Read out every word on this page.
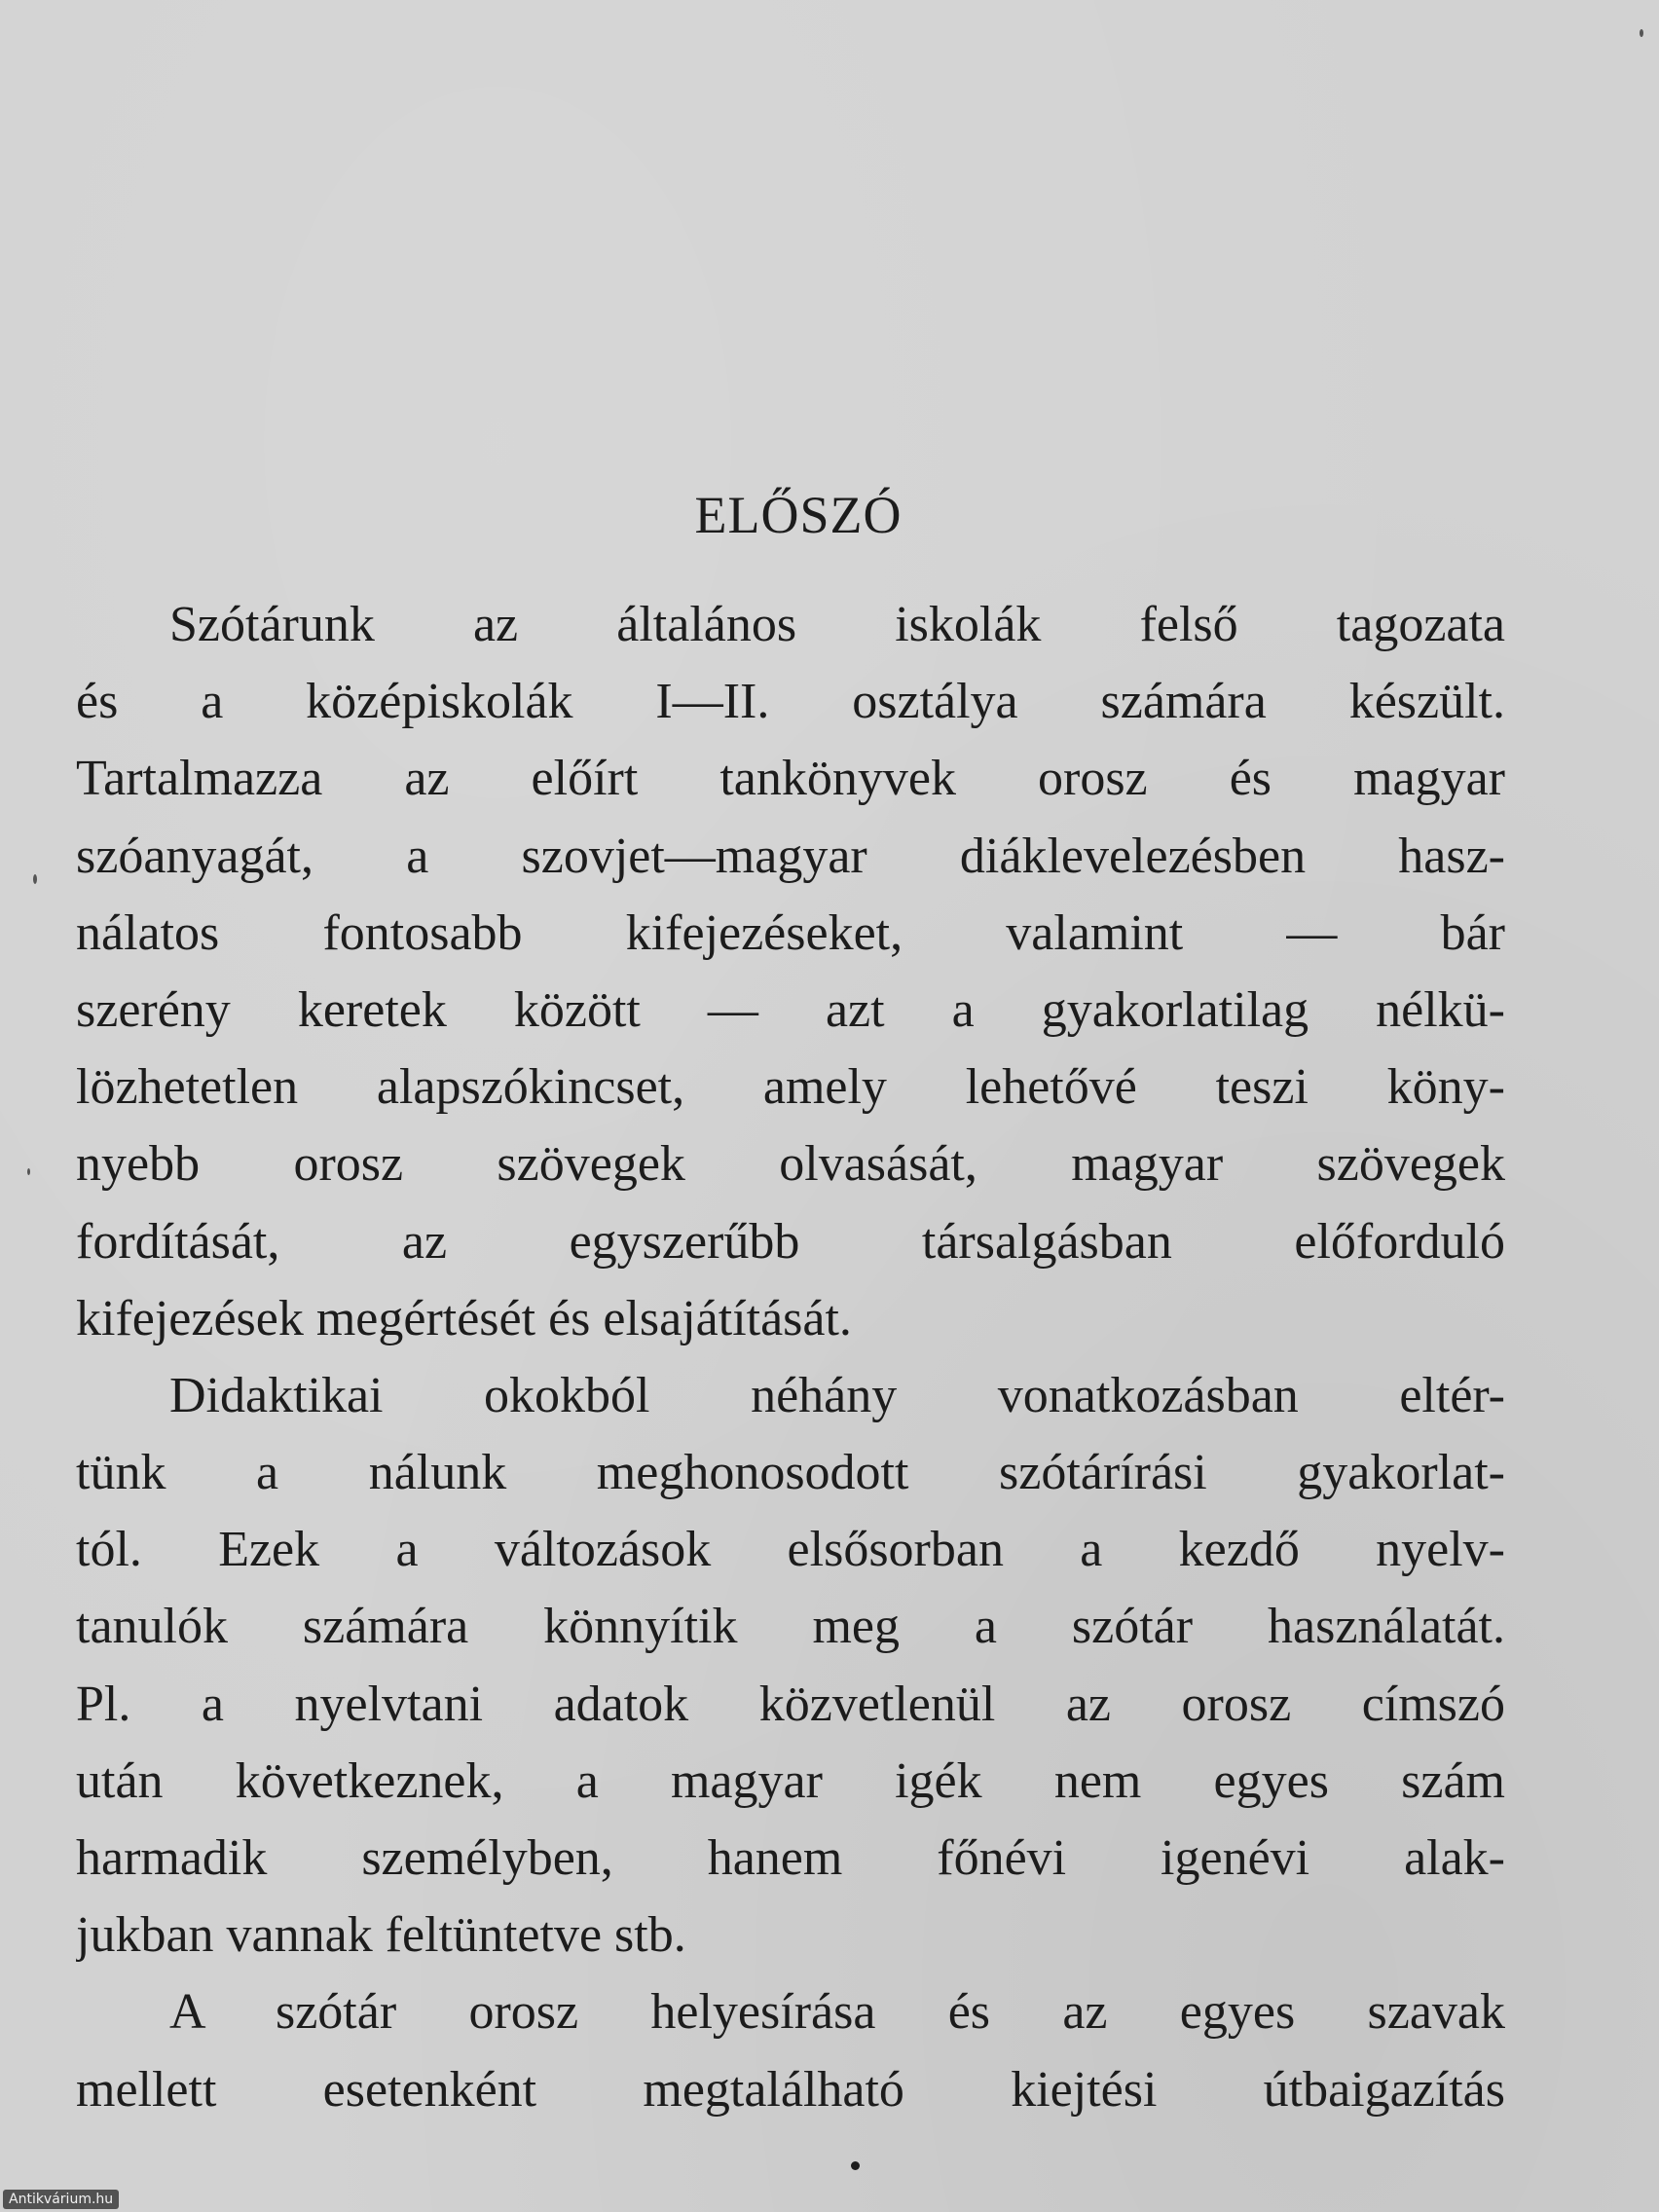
ELŐSZÓ
Szótárunk az általános iskolák felső tagozata
és a középiskolák I—II. osztálya számára készült.
Tartalmazza az előírt tankönyvek orosz és magyar
szóanyagát, a szovjet—magyar diáklevelezésben hasz-
nálatos fontosabb kifejezéseket, valamint — bár
szerény keretek között — azt a gyakorlatilag nélkü-
lözhetetlen alapszókincset, amely lehetővé teszi köny-
nyebb orosz szövegek olvasását, magyar szövegek
fordítását, az egyszerűbb társalgásban előforduló
kifejezések megértését és elsajátítását.
Didaktikai okokból néhány vonatkozásban eltér-
tünk a nálunk meghonosodott szótárírási gyakorlat-
tól. Ezek a változások elsősorban a kezdő nyelv-
tanulók számára könnyítik meg a szótár használatát.
Pl. a nyelvtani adatok közvetlenül az orosz címszó
után következnek, a magyar igék nem egyes szám
harmadik személyben, hanem főnévi igenévi alak-
jukban vannak feltüntetve stb.
A szótár orosz helyesírása és az egyes szavak
mellett esetenként megtalálható kiejtési útbaigazítás
Antikvárium.hu
